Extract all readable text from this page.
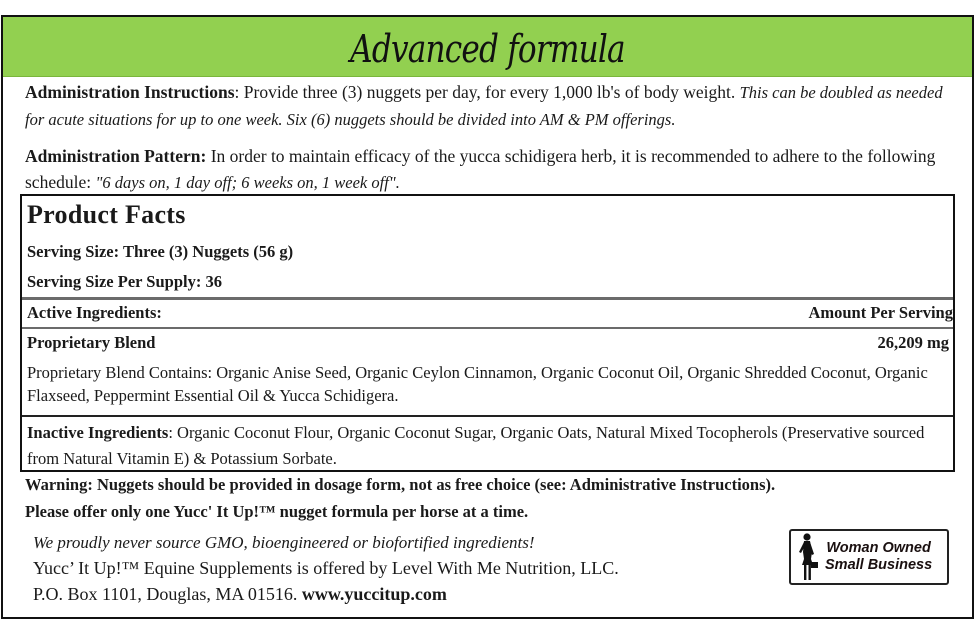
Advanced formula

Administration Instructions: Provide three (3) nuggets per day, for every 1,000 lb's of body weight. This can be doubled as needed for acute situations for up to one week. Six (6) nuggets should be divided into AM & PM offerings.

Administration Pattern: In order to maintain efficacy of the yucca schidigera herb, it is recommended to adhere to the following schedule: "6 days on, 1 day off; 6 weeks on, 1 week off".

Product Facts
Serving Size: Three (3) Nuggets (56 g)
Serving Size Per Supply: 36
Active Ingredients:	Amount Per Serving
Proprietary Blend	26,209 mg
Proprietary Blend Contains: Organic Anise Seed, Organic Ceylon Cinnamon, Organic Coconut Oil, Organic Shredded Coconut, Organic Flaxseed, Peppermint Essential Oil & Yucca Schidigera.
Inactive Ingredients: Organic Coconut Flour, Organic Coconut Sugar, Organic Oats, Natural Mixed Tocopherols (Preservative sourced from Natural Vitamin E) & Potassium Sorbate.
Warning: Nuggets should be provided in dosage form, not as free choice (see: Administrative Instructions).
Please offer only one Yucc' It Up!™ nugget formula per horse at a time.
We proudly never source GMO, bioengineered or biofortified ingredients!
Yucc’ It Up!™ Equine Supplements is offered by Level With Me Nutrition, LLC.
P.O. Box 1101, Douglas, MA 01516. www.yuccitup.com
Woman Owned
Small Business
